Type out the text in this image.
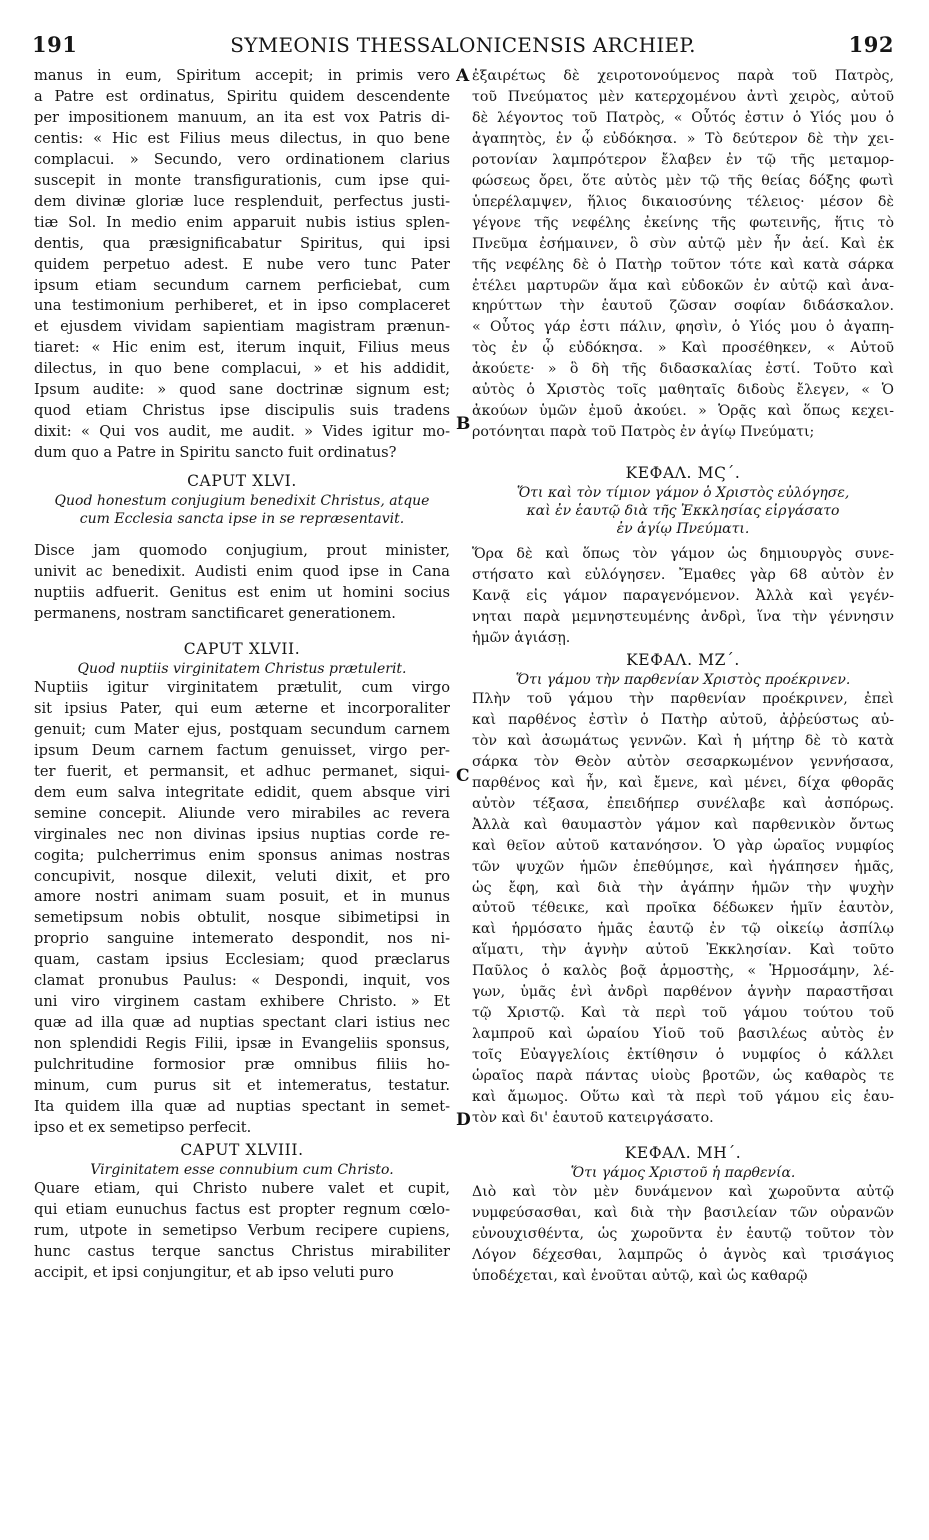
191	SYMEONIS THESSALONICENSIS ARCHIEP.	192
A
B
C
D

manus in eum, Spiritum accepit; in primis vero

a Patre est ordinatus, Spiritu quidem descendente

per impositionem manuum, an ita est vox Patris di-

centis: « Hic est Filius meus dilectus, in quo bene

complacui. » Secundo, vero ordinationem clarius

suscepit in monte transfigurationis, cum ipse qui-

dem divinæ gloriæ luce resplenduit, perfectus justi-

tiæ Sol. In medio enim apparuit nubis istius splen-

dentis, qua præsignificabatur Spiritus, qui ipsi

quidem perpetuo adest. E nube vero tunc Pater

ipsum etiam secundum carnem perficiebat, cum

una testimonium perhiberet, et in ipso complaceret

et ejusdem vividam sapientiam magistram prænun-

tiaret: « Hic enim est, iterum inquit, Filius meus

dilectus, in quo bene complacui, » et his addidit,

Ipsum audite: » quod sane doctrinæ signum est;

quod etiam Christus ipse discipulis suis tradens

dixit: « Qui vos audit, me audit. » Vides igitur mo-

dum quo a Patre in Spiritu sancto fuit ordinatus?

CAPUT XLVI.
Quod honestum conjugium benedixit Christus, atque
cum Ecclesia sancta ipse in se repræsentavit.

Disce jam quomodo conjugium, prout minister,

univit ac benedixit. Audisti enim quod ipse in Cana

nuptiis adfuerit. Genitus est enim ut homini socius

permanens, nostram sanctificaret generationem.

CAPUT XLVII.
Quod nuptiis virginitatem Christus prætulerit.

Nuptiis igitur virginitatem prætulit, cum virgo

sit ipsius Pater, qui eum æterne et incorporaliter

genuit; cum Mater ejus, postquam secundum carnem

ipsum Deum carnem factum genuisset, virgo per-

ter fuerit, et permansit, et adhuc permanet, siqui-

dem eum salva integritate edidit, quem absque viri

semine concepit. Aliunde vero mirabiles ac revera

virginales nec non divinas ipsius nuptias corde re-

cogita; pulcherrimus enim sponsus animas nostras

concupivit, nosque dilexit, veluti dixit, et pro

amore nostri animam suam posuit, et in munus

semetipsum nobis obtulit, nosque sibimetipsi in

proprio sanguine intemerato despondit, nos ni-

quam, castam ipsius Ecclesiam; quod præclarus

clamat pronubus Paulus: « Despondi, inquit, vos

uni viro virginem castam exhibere Christo. » Et

quæ ad illa quæ ad nuptias spectant clari istius nec

non splendidi Regis Filii, ipsæ in Evangeliis sponsus,

pulchritudine formosior præ omnibus filiis ho-

minum, cum purus sit et intemeratus, testatur.

Ita quidem illa quæ ad nuptias spectant in semet-

ipso et ex semetipso perfecit.

CAPUT XLVIII.
Virginitatem esse connubium cum Christo.

Quare etiam, qui Christo nubere valet et cupit,

qui etiam eunuchus factus est propter regnum cœlo-

rum, utpote in semetipso Verbum recipere cupiens,

hunc castus terque sanctus Christus mirabiliter

accipit, et ipsi conjungitur, et ab ipso veluti puro

ἐξαιρέτως δὲ χειροτονούμενος παρὰ τοῦ Πατρὸς,

τοῦ Πνεύματος μὲν κατερχομένου ἀντὶ χειρὸς, αὐτοῦ

δὲ λέγοντος τοῦ Πατρὸς, « Οὗτός ἐστιν ὁ Υἱός μου ὁ

ἀγαπητὸς, ἐν ᾧ εὐδόκησα. » Τὸ δεύτερον δὲ τὴν χει-

ροτονίαν λαμπρότερον ἔλαβεν ἐν τῷ τῆς μεταμορ-

φώσεως ὄρει, ὅτε αὐτὸς μὲν τῷ τῆς θείας δόξης φωτὶ

ὑπερέλαμψεν, ἥλιος δικαιοσύνης τέλειος· μέσον δὲ

γέγονε τῆς νεφέλης ἐκείνης τῆς φωτεινῆς, ἥτις τὸ

Πνεῦμα ἐσήμαινεν, ὃ σὺν αὐτῷ μὲν ἦν ἀεί. Καὶ ἐκ

τῆς νεφέλης δὲ ὁ Πατὴρ τοῦτον τότε καὶ κατὰ σάρκα

ἐτέλει μαρτυρῶν ἅμα καὶ εὐδοκῶν ἐν αὐτῷ καὶ ἀνα-

κηρύττων τὴν ἑαυτοῦ ζῶσαν σοφίαν διδάσκαλον.

« Οὗτος γάρ ἐστι πάλιν, φησὶν, ὁ Υἱός μου ὁ ἀγαπη-

τὸς ἐν ᾧ εὐδόκησα. » Καὶ προσέθηκεν, « Αὐτοῦ

ἀκούετε· » ὃ δὴ τῆς διδασκαλίας ἐστί. Τοῦτο καὶ

αὐτὸς ὁ Χριστὸς τοῖς μαθηταῖς διδοὺς ἔλεγεν, « Ὁ

ἀκούων ὑμῶν ἐμοῦ ἀκούει. » Ὁρᾷς καὶ ὅπως κεχει-

ροτόνηται παρὰ τοῦ Πατρὸς ἐν ἁγίῳ Πνεύματι;

ΚΕΦΑΛ. ΜϚ΄.
Ὅτι καὶ τὸν τίμιον γάμον ὁ Χριστὸς εὐλόγησε,
καὶ ἐν ἑαυτῷ διὰ τῆς Ἐκκλησίας εἰργάσατο
ἐν ἁγίῳ Πνεύματι.

Ὅρα δὲ καὶ ὅπως τὸν γάμον ὡς δημιουργὸς συνε-

στήσατο καὶ εὐλόγησεν. Ἔμαθες γὰρ 68 αὐτὸν ἐν

Κανᾷ εἰς γάμον παραγενόμενον. Ἀλλὰ καὶ γεγέν-

νηται παρὰ μεμνηστευμένης ἀνδρὶ, ἵνα τὴν γέννησιν

ἡμῶν ἁγιάσῃ.

ΚΕΦΑΛ. ΜΖ΄.
Ὅτι γάμου τὴν παρθενίαν Χριστὸς προέκρινεν.

Πλὴν τοῦ γάμου τὴν παρθενίαν προέκρινεν, ἐπεὶ

καὶ παρθένος ἐστὶν ὁ Πατὴρ αὐτοῦ, ἀῤῥεύστως αὐ-

τὸν καὶ ἀσωμάτως γεννῶν. Καὶ ἡ μήτηρ δὲ τὸ κατὰ

σάρκα τὸν Θεὸν αὐτὸν σεσαρκωμένον γεννήσασα,

παρθένος καὶ ἦν, καὶ ἔμενε, καὶ μένει, δίχα φθορᾶς

αὐτὸν τέξασα, ἐπειδήπερ συνέλαβε καὶ ἀσπόρως.

Ἀλλὰ καὶ θαυμαστὸν γάμον καὶ παρθενικὸν ὄντως

καὶ θεῖον αὐτοῦ κατανόησον. Ὁ γὰρ ὡραῖος νυμφίος

τῶν ψυχῶν ἡμῶν ἐπεθύμησε, καὶ ἠγάπησεν ἡμᾶς,

ὡς ἔφη, καὶ διὰ τὴν ἀγάπην ἡμῶν τὴν ψυχὴν

αὐτοῦ τέθεικε, καὶ προῖκα δέδωκεν ἡμῖν ἑαυτὸν,

καὶ ἡρμόσατο ἡμᾶς ἑαυτῷ ἐν τῷ οἰκείῳ ἀσπίλῳ

αἵματι, τὴν ἁγνὴν αὐτοῦ Ἐκκλησίαν. Καὶ τοῦτο

Παῦλος ὁ καλὸς βοᾷ ἁρμοστὴς, « Ἡρμοσάμην, λέ-

γων, ὑμᾶς ἑνὶ ἀνδρὶ παρθένον ἁγνὴν παραστῆσαι

τῷ Χριστῷ. Καὶ τὰ περὶ τοῦ γάμου τούτου τοῦ

λαμπροῦ καὶ ὡραίου Υἱοῦ τοῦ βασιλέως αὐτὸς ἐν

τοῖς Εὐαγγελίοις ἐκτίθησιν ὁ νυμφίος ὁ κάλλει

ὡραῖος παρὰ πάντας υἱοὺς βροτῶν, ὡς καθαρὸς τε

καὶ ἄμωμος. Οὕτω καὶ τὰ περὶ τοῦ γάμου εἰς ἑαυ-

τὸν καὶ δι' ἑαυτοῦ κατειργάσατο.

ΚΕΦΑΛ. ΜΗ΄.
Ὅτι γάμος Χριστοῦ ἡ παρθενία.

Διὸ καὶ τὸν μὲν δυνάμενον καὶ χωροῦντα αὐτῷ

νυμφεύσασθαι, καὶ διὰ τὴν βασιλείαν τῶν οὐρανῶν

εὐνουχισθέντα, ὡς χωροῦντα ἐν ἑαυτῷ τοῦτον τὸν

Λόγον δέχεσθαι, λαμπρῶς ὁ ἁγνὸς καὶ τρισάγιος

ὑποδέχεται, καὶ ἑνοῦται αὐτῷ, καὶ ὡς καθαρῷ
